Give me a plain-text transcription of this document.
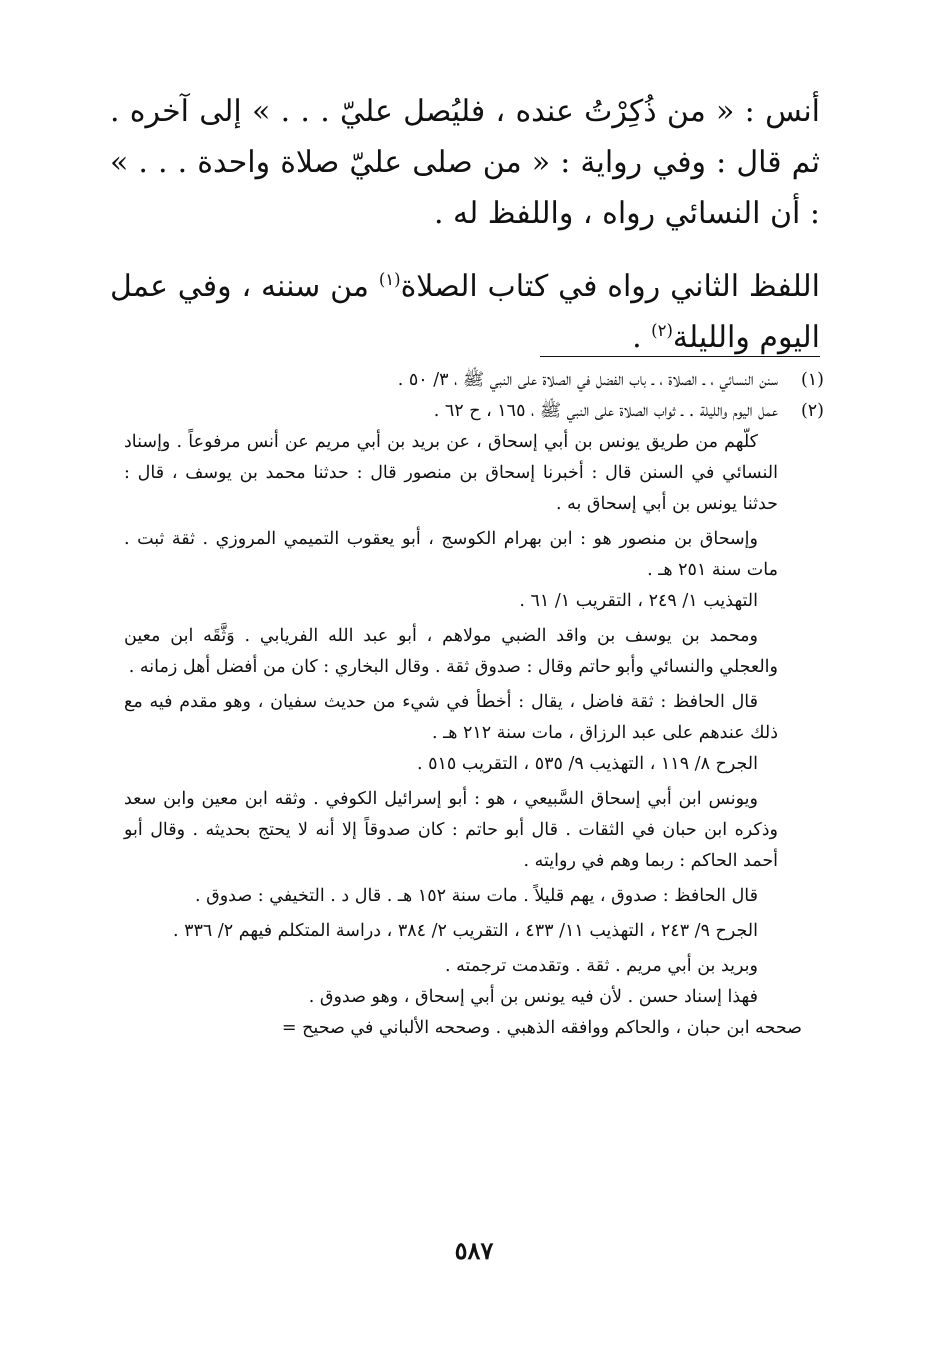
أنس : « من ذُكِرْتُ عنده ، فليُصل عليّ . . . » إلى آخره . ثم قال : وفي رواية : « من صلى عليّ صلاة واحدة . . . » : أن النسائي رواه ، واللفظ له .

اللفظ الثاني رواه في كتاب الصلاة$^{(١)}$ من سننه ، وفي عمل اليوم والليلة$^{(٢)}$ .

(١)
سنن النسائي ، ـ الصلاة ، ـ باب الفضل في الصلاة على النبي ﷺ ، ٣/ ٥٠ .
(٢)
عمل اليوم والليلة . ـ ثواب الصلاة على النبي ﷺ ، ١٦٥ ، ح ٦٢ .

كلّهم من طريق يونس بن أبي إسحاق ، عن بريد بن أبي مريم عن أنس مرفوعاً . وإسناد النسائي في السنن قال : أخبرنا إسحاق بن منصور قال : حدثنا محمد بن يوسف ، قال : حدثنا يونس بن أبي إسحاق به .

وإسحاق بن منصور هو : ابن بهرام الكوسج ، أبو يعقوب التميمي المروزي . ثقة ثبت . مات سنة ٢٥١ هـ .

التهذيب ١/ ٢٤٩ ، التقريب ١/ ٦١ .

ومحمد بن يوسف بن واقد الضبي مولاهم ، أبو عبد الله الفريابي . وَثَّقَه ابن معين والعجلي والنسائي وأبو حاتم وقال : صدوق ثقة . وقال البخاري : كان من أفضل أهل زمانه .

قال الحافظ : ثقة فاضل ، يقال : أخطأ في شيء من حديث سفيان ، وهو مقدم فيه مع ذلك عندهم على عبد الرزاق ، مات سنة ٢١٢ هـ .

الجرح ٨/ ١١٩ ، التهذيب ٩/ ٥٣٥ ، التقريب ٥١٥ .

ويونس ابن أبي إسحاق السَّبيعي ، هو : أبو إسرائيل الكوفي . وثقه ابن معين وابن سعد وذكره ابن حبان في الثقات . قال أبو حاتم : كان صدوقاً إلا أنه لا يحتج بحديثه . وقال أبو أحمد الحاكم : ربما وهم في روايته .

قال الحافظ : صدوق ، يهم قليلاً . مات سنة ١٥٢ هـ . قال د . التخيفي : صدوق .

الجرح ٩/ ٢٤٣ ، التهذيب ١١/ ٤٣٣ ، التقريب ٢/ ٣٨٤ ، دراسة المتكلم فيهم ٢/ ٣٣٦ .

وبريد بن أبي مريم . ثقة . وتقدمت ترجمته .

فهذا إسناد حسن . لأن فيه يونس بن أبي إسحاق ، وهو صدوق .

صححه ابن حبان ، والحاكم ووافقه الذهبي . وصححه الألباني في صحيح =

٥٨٧
